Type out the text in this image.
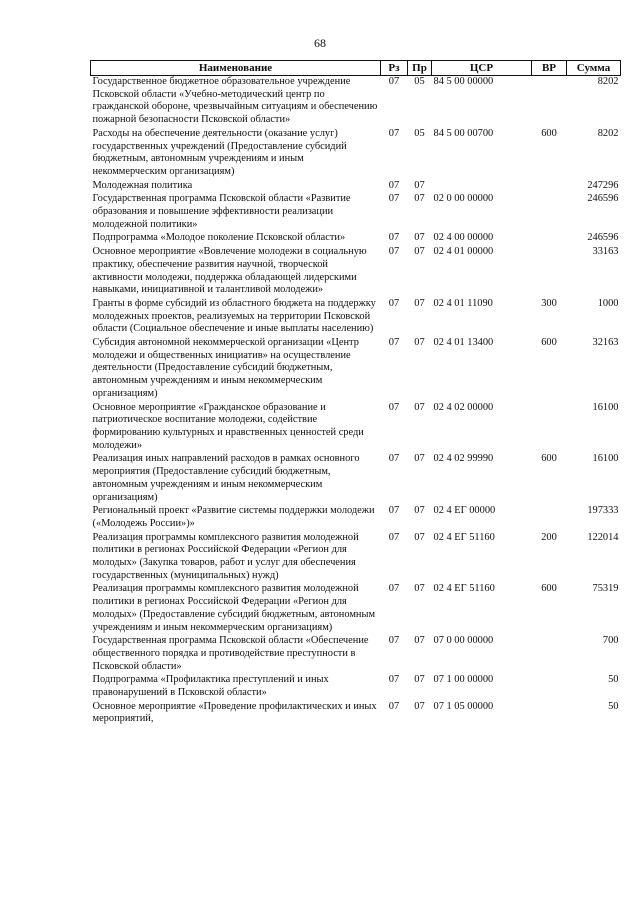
68
Наименование	Рз	Пр	ЦСР	ВР	Сумма
Государственное бюджетное образовательное учреждение Псковской области «Учебно-методический центр по гражданской обороне, чрезвычайным ситуациям и обеспечению пожарной безопасности Псковской области»	07	05	84 5 00 00000		8202
Расходы на обеспечение деятельности (оказание услуг) государственных учреждений (Предоставление субсидий бюджетным, автономным учреждениям и иным некоммерческим организациям)	07	05	84 5 00 00700	600	8202
Молодежная политика	07	07			247296
Государственная программа Псковской области «Развитие образования и повышение эффективности реализации молодежной политики»	07	07	02 0 00 00000		246596
Подпрограмма «Молодое поколение Псковской области»	07	07	02 4 00 00000		246596
Основное мероприятие «Вовлечение молодежи в социальную практику, обеспечение развития научной, творческой активности молодежи, поддержка обладающей лидерскими навыками, инициативной и талантливой молодежи»	07	07	02 4 01 00000		33163
Гранты в форме субсидий из областного бюджета на поддержку молодежных проектов, реализуемых на территории Псковской области (Социальное обеспечение и иные выплаты населению)	07	07	02 4 01 11090	300	1000
Субсидия автономной некоммерческой организации «Центр молодежи и общественных инициатив» на осуществление деятельности (Предоставление субсидий бюджетным, автономным учреждениям и иным некоммерческим организациям)	07	07	02 4 01 13400	600	32163
Основное мероприятие «Гражданское образование и патриотическое воспитание молодежи, содействие формированию культурных и нравственных ценностей среди молодежи»	07	07	02 4 02 00000		16100
Реализация иных направлений расходов в рамках основного мероприятия (Предоставление субсидий бюджетным, автономным учреждениям и иным некоммерческим организациям)	07	07	02 4 02 99990	600	16100
Региональный проект «Развитие системы поддержки молодежи («Молодежь России»)»	07	07	02 4 ЕГ 00000		197333
Реализация программы комплексного развития молодежной политики в регионах Российской Федерации «Регион для молодых» (Закупка товаров, работ и услуг для обеспечения государственных (муниципальных) нужд)	07	07	02 4 ЕГ 51160	200	122014
Реализация программы комплексного развития молодежной политики в регионах Российской Федерации «Регион для молодых» (Предоставление субсидий бюджетным, автономным учреждениям и иным некоммерческим организациям)	07	07	02 4 ЕГ 51160	600	75319
Государственная программа Псковской области «Обеспечение общественного порядка и противодействие преступности в Псковской области»	07	07	07 0 00 00000		700
Подпрограмма «Профилактика преступлений и иных правонарушений в Псковской области»	07	07	07 1 00 00000		50
Основное мероприятие «Проведение профилактических и иных мероприятий,	07	07	07 1 05 00000		50
